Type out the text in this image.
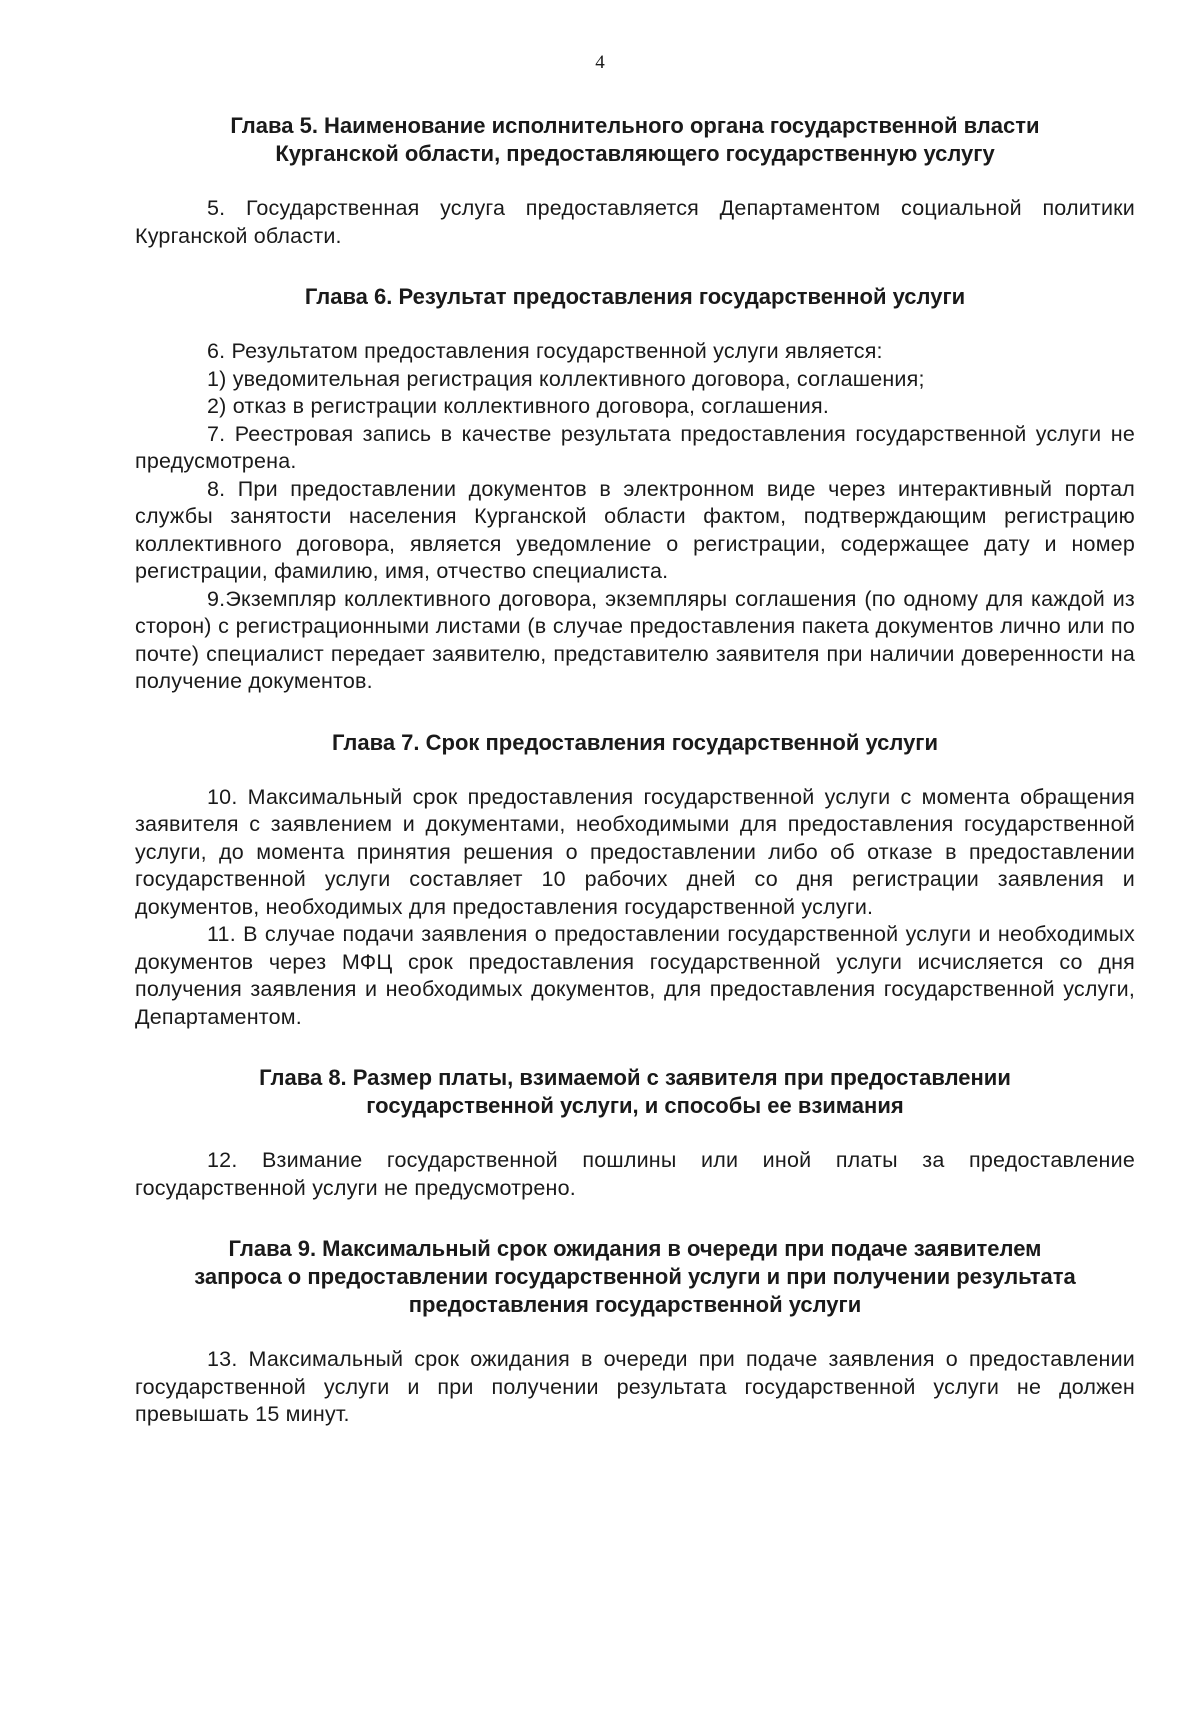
4
Глава 5. Наименование исполнительного органа государственной власти
Курганской области, предоставляющего государственную услугу

5. Государственная услуга предоставляется Департаментом социальной политики Курганской области.

Глава 6. Результат предоставления государственной услуги

6. Результатом предоставления государственной услуги является:

1) уведомительная регистрация коллективного договора, соглашения;

2) отказ в регистрации коллективного договора, соглашения.

7. Реестровая запись в качестве результата предоставления государственной услуги не предусмотрена.

8. При предоставлении документов в электронном виде через интерактивный портал службы занятости населения Курганской области фактом, подтверждающим регистрацию коллективного договора, является уведомление о регистрации, содержащее дату и номер регистрации, фамилию, имя, отчество специалиста.

9.Экземпляр коллективного договора, экземпляры соглашения (по одному для каждой из сторон) с регистрационными листами (в случае предоставления пакета документов лично или по почте) специалист передает заявителю, представителю заявителя при наличии доверенности на получение документов.

Глава 7. Срок предоставления государственной услуги

10. Максимальный срок предоставления государственной услуги с момента обращения заявителя с заявлением и документами, необходимыми для предоставления государственной услуги, до момента принятия решения о предоставлении либо об отказе в предоставлении государственной услуги составляет 10 рабочих дней со дня регистрации заявления и документов, необходимых для предоставления государственной услуги.

11. В случае подачи заявления о предоставлении государственной услуги и необходимых документов через МФЦ срок предоставления государственной услуги исчисляется со дня получения заявления и необходимых документов, для предоставления государственной услуги, Департаментом.

Глава 8. Размер платы, взимаемой с заявителя при предоставлении
государственной услуги, и способы ее взимания

12. Взимание государственной пошлины или иной платы за предоставление государственной услуги не предусмотрено.

Глава 9. Максимальный срок ожидания в очереди при подаче заявителем
запроса о предоставлении государственной услуги и при получении результата
предоставления государственной услуги

13. Максимальный срок ожидания в очереди при подаче заявления о предоставлении государственной услуги и при получении результата государственной услуги не должен превышать 15 минут.
